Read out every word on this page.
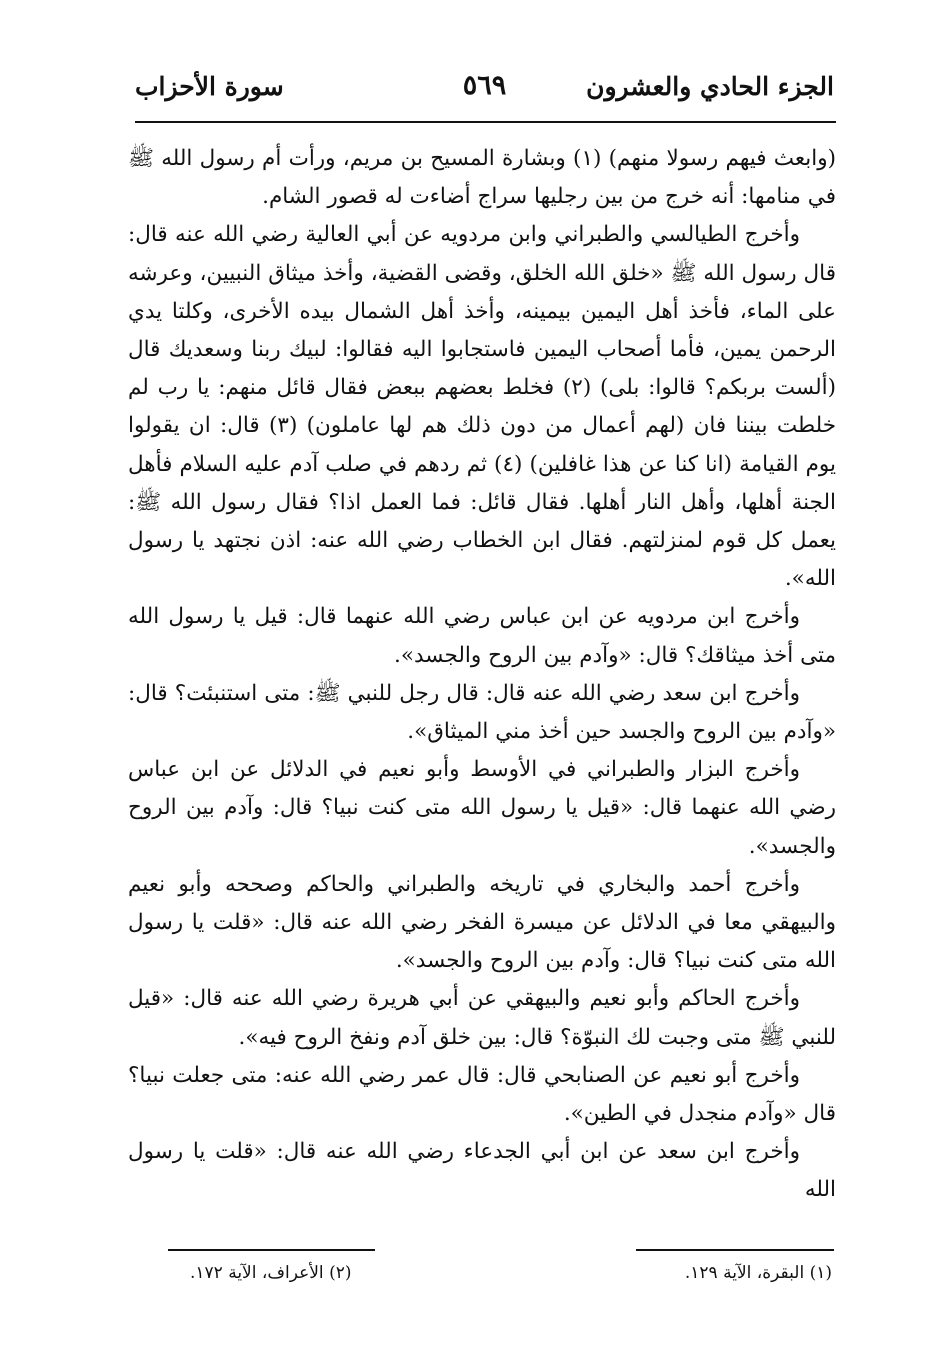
الجزء الحادي والعشرون
٥٦٩
سورة الأحزاب

(وابعث فيهم رسولا منهم) (١) وبشارة المسيح بن مريم، ورأت أم رسول الله ﷺ في منامها: أنه خرج من بين رجليها سراج أضاءت له قصور الشام.

وأخرج الطيالسي والطبراني وابن مردويه عن أبي العالية رضي الله عنه قال: قال رسول الله ﷺ «خلق الله الخلق، وقضى القضية، وأخذ ميثاق النبيين، وعرشه على الماء، فأخذ أهل اليمين بيمينه، وأخذ أهل الشمال بيده الأخرى، وكلتا يدي الرحمن يمين، فأما أصحاب اليمين فاستجابوا اليه فقالوا: لبيك ربنا وسعديك قال (ألست بربكم؟ قالوا: بلى) (٢) فخلط بعضهم ببعض فقال قائل منهم: يا رب لم خلطت بيننا فان (لهم أعمال من دون ذلك هم لها عاملون) (٣) قال: ان يقولوا يوم القيامة (انا كنا عن هذا غافلين) (٤) ثم ردهم في صلب آدم عليه السلام فأهل الجنة أهلها، وأهل النار أهلها. فقال قائل: فما العمل اذا؟ فقال رسول الله ﷺ: يعمل كل قوم لمنزلتهم. فقال ابن الخطاب رضي الله عنه: اذن نجتهد يا رسول الله».

وأخرج ابن مردويه عن ابن عباس رضي الله عنهما قال: قيل يا رسول الله متى أخذ ميثاقك؟ قال: «وآدم بين الروح والجسد».

وأخرج ابن سعد رضي الله عنه قال: قال رجل للنبي ﷺ: متى استنبئت؟ قال: «وآدم بين الروح والجسد حين أخذ مني الميثاق».

وأخرج البزار والطبراني في الأوسط وأبو نعيم في الدلائل عن ابن عباس رضي الله عنهما قال: «قيل يا رسول الله متى كنت نبيا؟ قال: وآدم بين الروح والجسد».

وأخرج أحمد والبخاري في تاريخه والطبراني والحاكم وصححه وأبو نعيم والبيهقي معا في الدلائل عن ميسرة الفخر رضي الله عنه قال: «قلت يا رسول الله متى كنت نبيا؟ قال: وآدم بين الروح والجسد».

وأخرج الحاكم وأبو نعيم والبيهقي عن أبي هريرة رضي الله عنه قال: «قيل للنبي ﷺ متى وجبت لك النبوّة؟ قال: بين خلق آدم ونفخ الروح فيه».

وأخرج أبو نعيم عن الصنابحي قال: قال عمر رضي الله عنه: متى جعلت نبيا؟ قال «وآدم منجدل في الطين».

وأخرج ابن سعد عن ابن أبي الجدعاء رضي الله عنه قال: «قلت يا رسول الله

(١) البقرة، الآية ١٢٩.
(٢) الأعراف، الآية ١٧٢.
